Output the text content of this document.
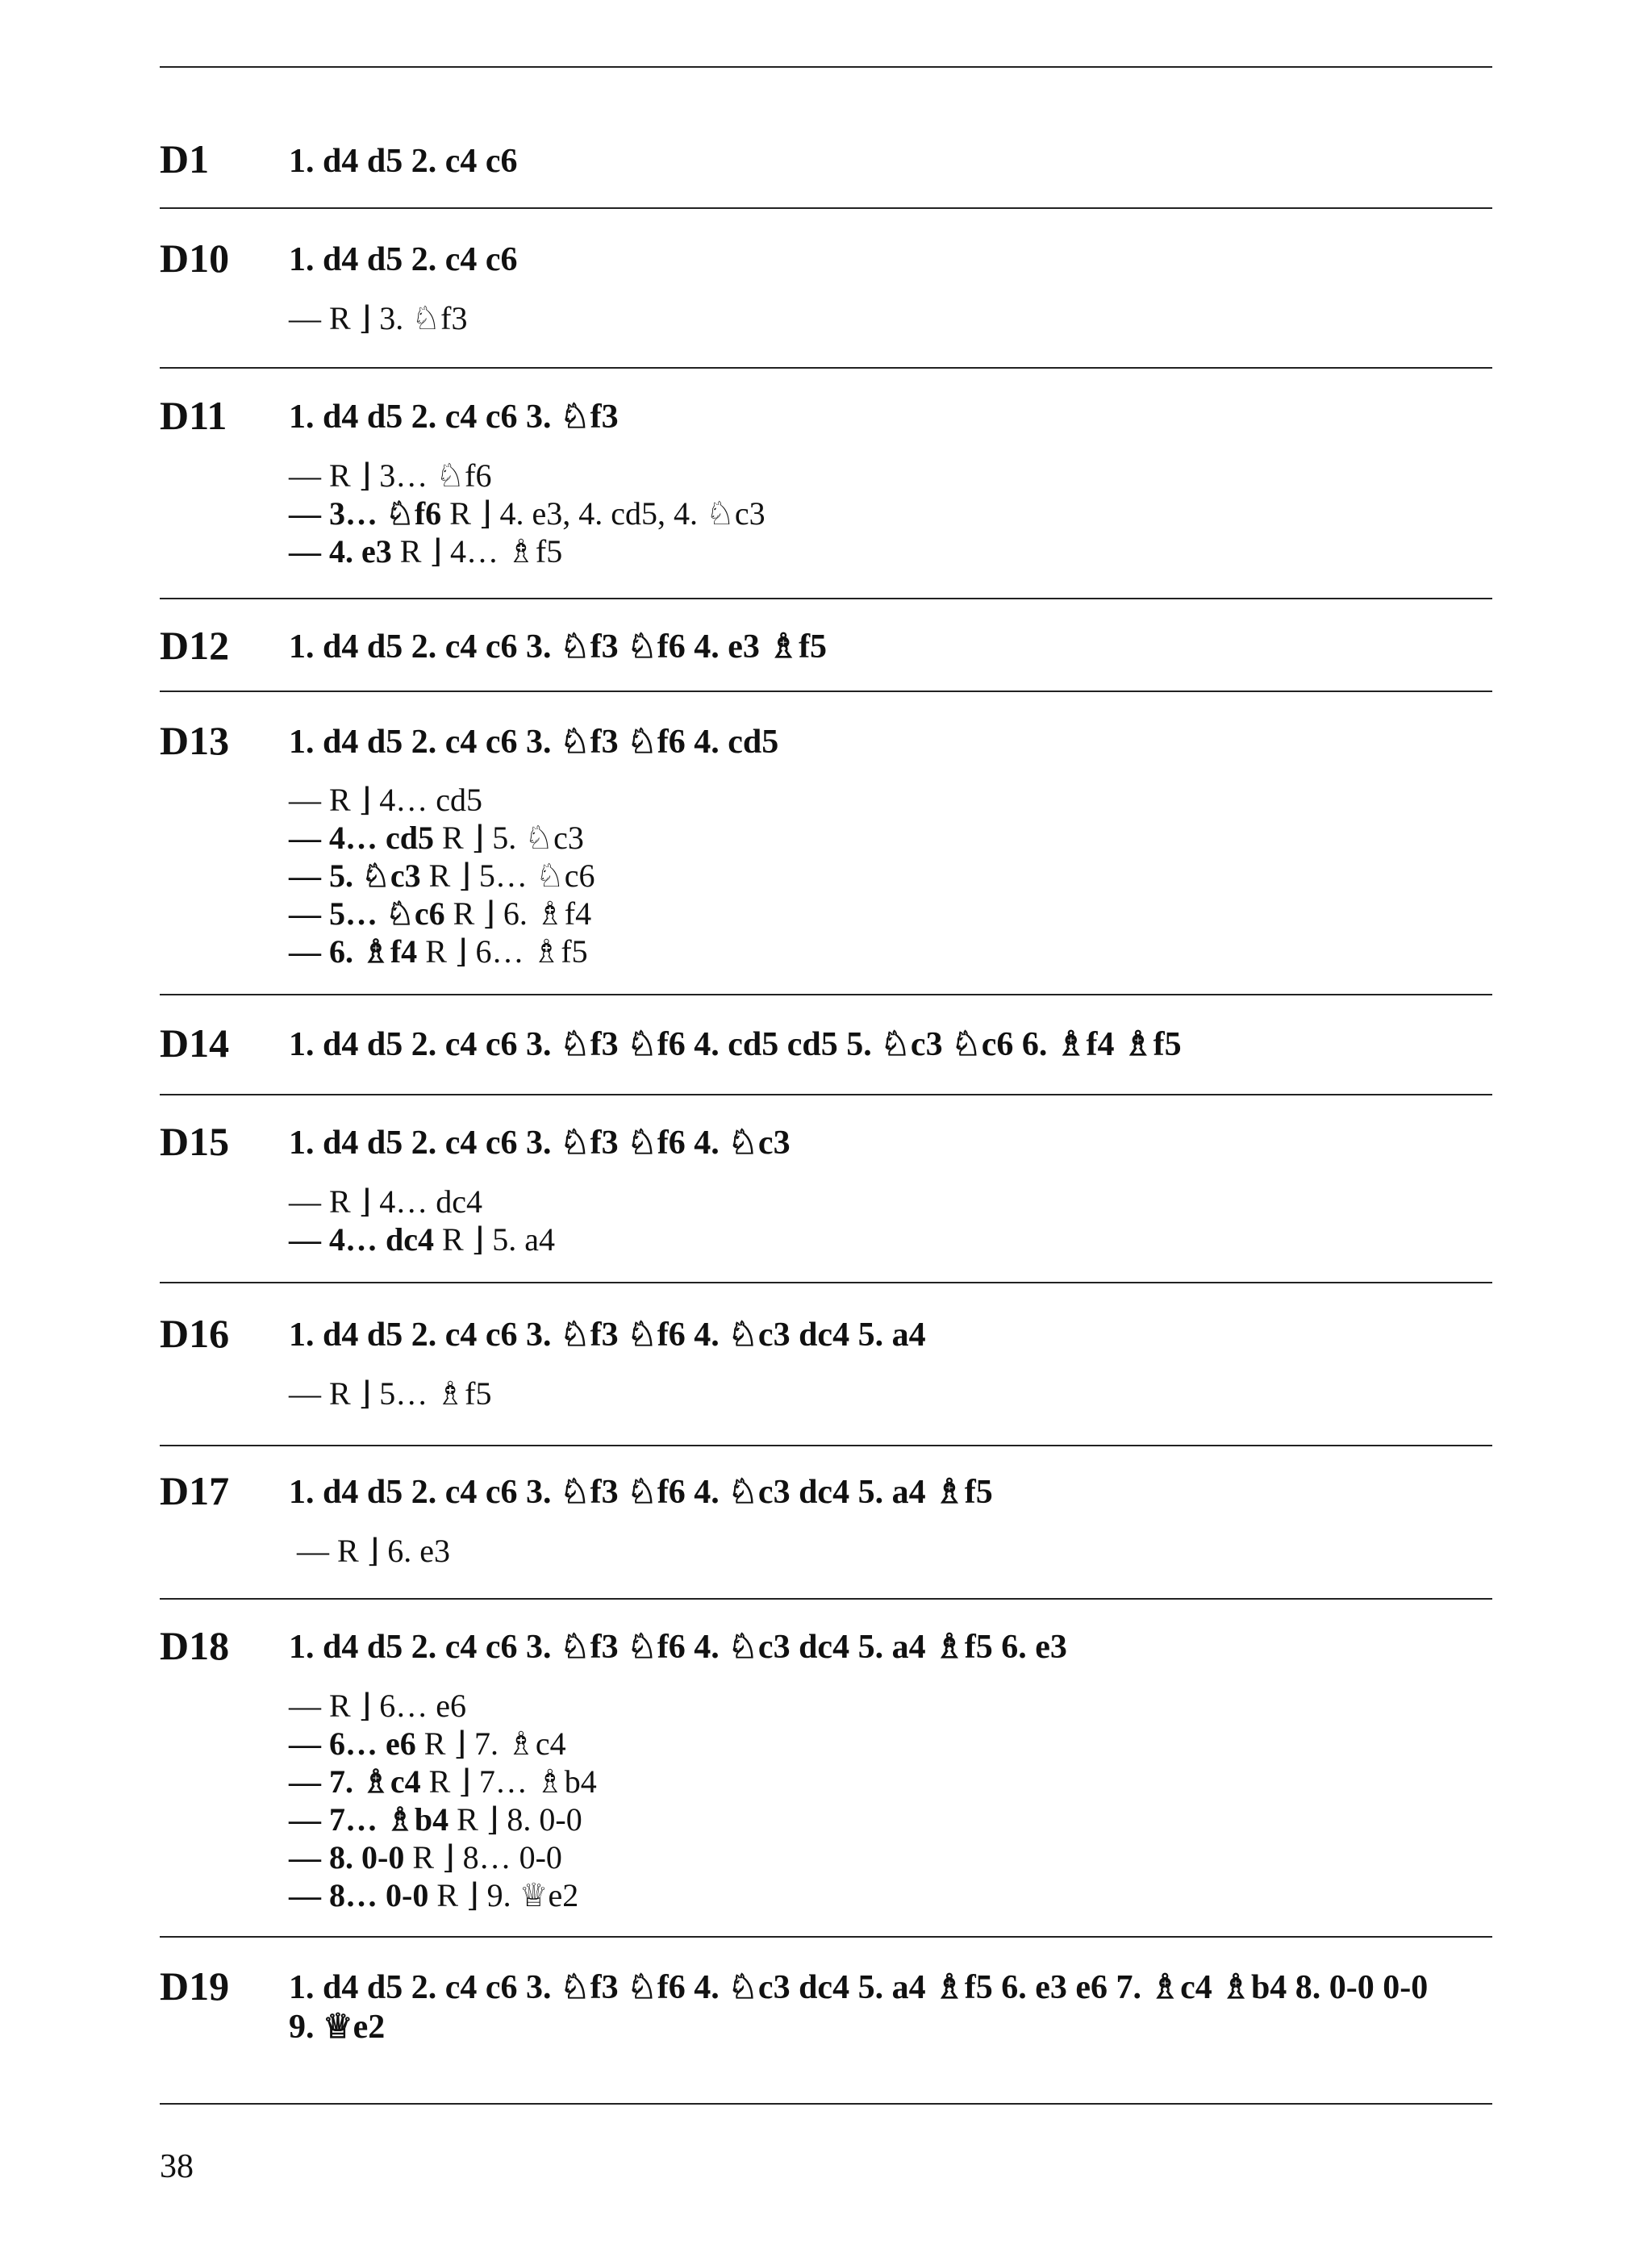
D1 1. d4 d5 2. c4 c6
D10 1. d4 d5 2. c4 c6
— R ⌋ 3. ♘f3
D11 1. d4 d5 2. c4 c6 3. ♘f3
— R ⌋ 3… ♘f6
— 3… ♘f6 R ⌋ 4. e3, 4. cd5, 4. ♘c3
— 4. e3 R ⌋ 4… ♗f5
D12 1. d4 d5 2. c4 c6 3. ♘f3 ♘f6 4. e3 ♗f5
D13 1. d4 d5 2. c4 c6 3. ♘f3 ♘f6 4. cd5
— R ⌋ 4… cd5
— 4… cd5 R ⌋ 5. ♘c3
— 5. ♘c3 R ⌋ 5… ♘c6
— 5… ♘c6 R ⌋ 6. ♗f4
— 6. ♗f4 R ⌋ 6… ♗f5
D14 1. d4 d5 2. c4 c6 3. ♘f3 ♘f6 4. cd5 cd5 5. ♘c3 ♘c6 6. ♗f4 ♗f5
D15 1. d4 d5 2. c4 c6 3. ♘f3 ♘f6 4. ♘c3
— R ⌋ 4… dc4
— 4… dc4 R ⌋ 5. a4
D16 1. d4 d5 2. c4 c6 3. ♘f3 ♘f6 4. ♘c3 dc4 5. a4
— R ⌋ 5… ♗f5
D17 1. d4 d5 2. c4 c6 3. ♘f3 ♘f6 4. ♘c3 dc4 5. a4 ♗f5
— R ⌋ 6. e3
D18 1. d4 d5 2. c4 c6 3. ♘f3 ♘f6 4. ♘c3 dc4 5. a4 ♗f5 6. e3
— R ⌋ 6… e6
— 6… e6 R ⌋ 7. ♗c4
— 7. ♗c4 R ⌋ 7… ♗b4
— 7… ♗b4 R ⌋ 8. 0-0
— 8. 0-0 R ⌋ 8… 0-0
— 8… 0-0 R ⌋ 9. ♕e2
D19 1. d4 d5 2. c4 c6 3. ♘f3 ♘f6 4. ♘c3 dc4 5. a4 ♗f5 6. e3 e6 7. ♗c4 ♗b4 8. 0-0 0-0 9. ♕e2
38
